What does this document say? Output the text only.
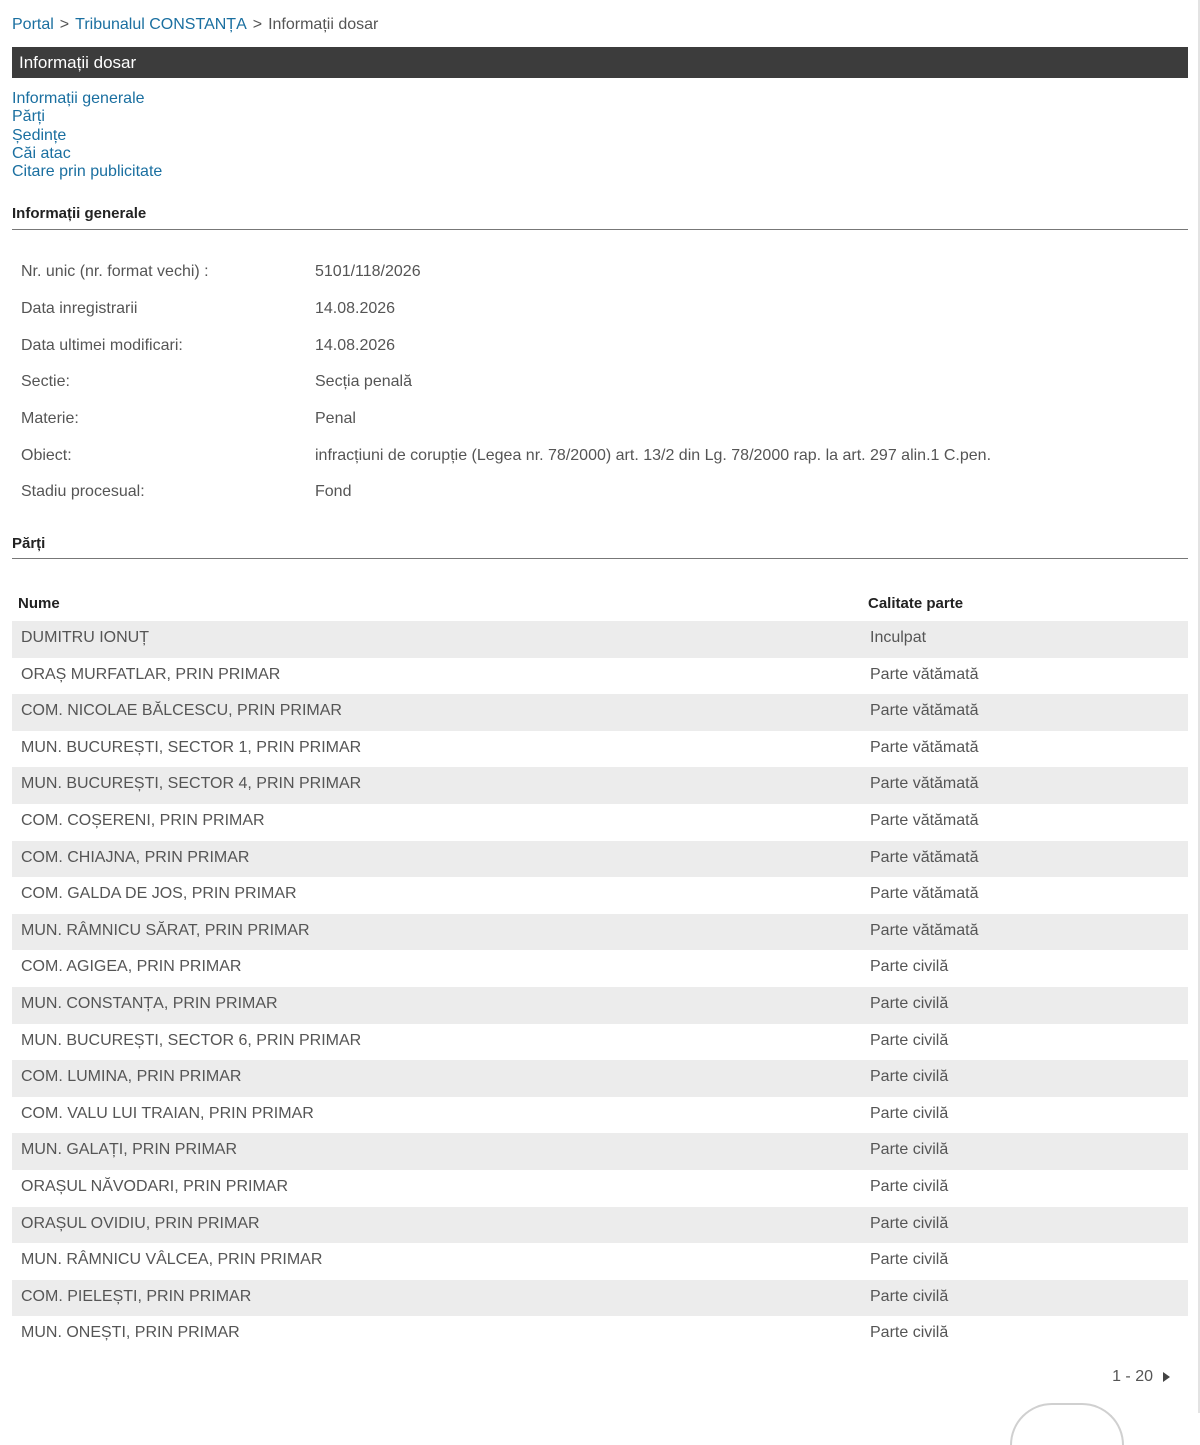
Portal > Tribunalul CONSTANȚA > Informații dosar
Informații dosar
Informații generale
Părți
Ședințe
Căi atac
Citare prin publicitate
Informații generale
Nr. unic (nr. format vechi) :	5101/118/2026
Data inregistrarii	14.08.2026
Data ultimei modificari:	14.08.2026
Sectie:	Secția penală
Materie:	Penal
Obiect:	infracțiuni de corupție (Legea nr. 78/2000) art. 13/2 din Lg. 78/2000 rap. la art. 297 alin.1 C.pen.
Stadiu procesual:	Fond
Părți
Nume	Calitate parte
DUMITRU IONUȚ	Inculpat
ORAȘ MURFATLAR, PRIN PRIMAR	Parte vătămată
COM. NICOLAE BĂLCESCU, PRIN PRIMAR	Parte vătămată
MUN. BUCUREȘTI, SECTOR 1, PRIN PRIMAR	Parte vătămată
MUN. BUCUREȘTI, SECTOR 4, PRIN PRIMAR	Parte vătămată
COM. COȘERENI, PRIN PRIMAR	Parte vătămată
COM. CHIAJNA, PRIN PRIMAR	Parte vătămată
COM. GALDA DE JOS, PRIN PRIMAR	Parte vătămată
MUN. RÂMNICU SĂRAT, PRIN PRIMAR	Parte vătămată
COM. AGIGEA, PRIN PRIMAR	Parte civilă
MUN. CONSTANȚA, PRIN PRIMAR	Parte civilă
MUN. BUCUREȘTI, SECTOR 6, PRIN PRIMAR	Parte civilă
COM. LUMINA, PRIN PRIMAR	Parte civilă
COM. VALU LUI TRAIAN, PRIN PRIMAR	Parte civilă
MUN. GALAȚI, PRIN PRIMAR	Parte civilă
ORAȘUL NĂVODARI, PRIN PRIMAR	Parte civilă
ORAȘUL OVIDIU, PRIN PRIMAR	Parte civilă
MUN. RÂMNICU VÂLCEA, PRIN PRIMAR	Parte civilă
COM. PIELEȘTI, PRIN PRIMAR	Parte civilă
MUN. ONEȘTI, PRIN PRIMAR	Parte civilă
1 - 20
